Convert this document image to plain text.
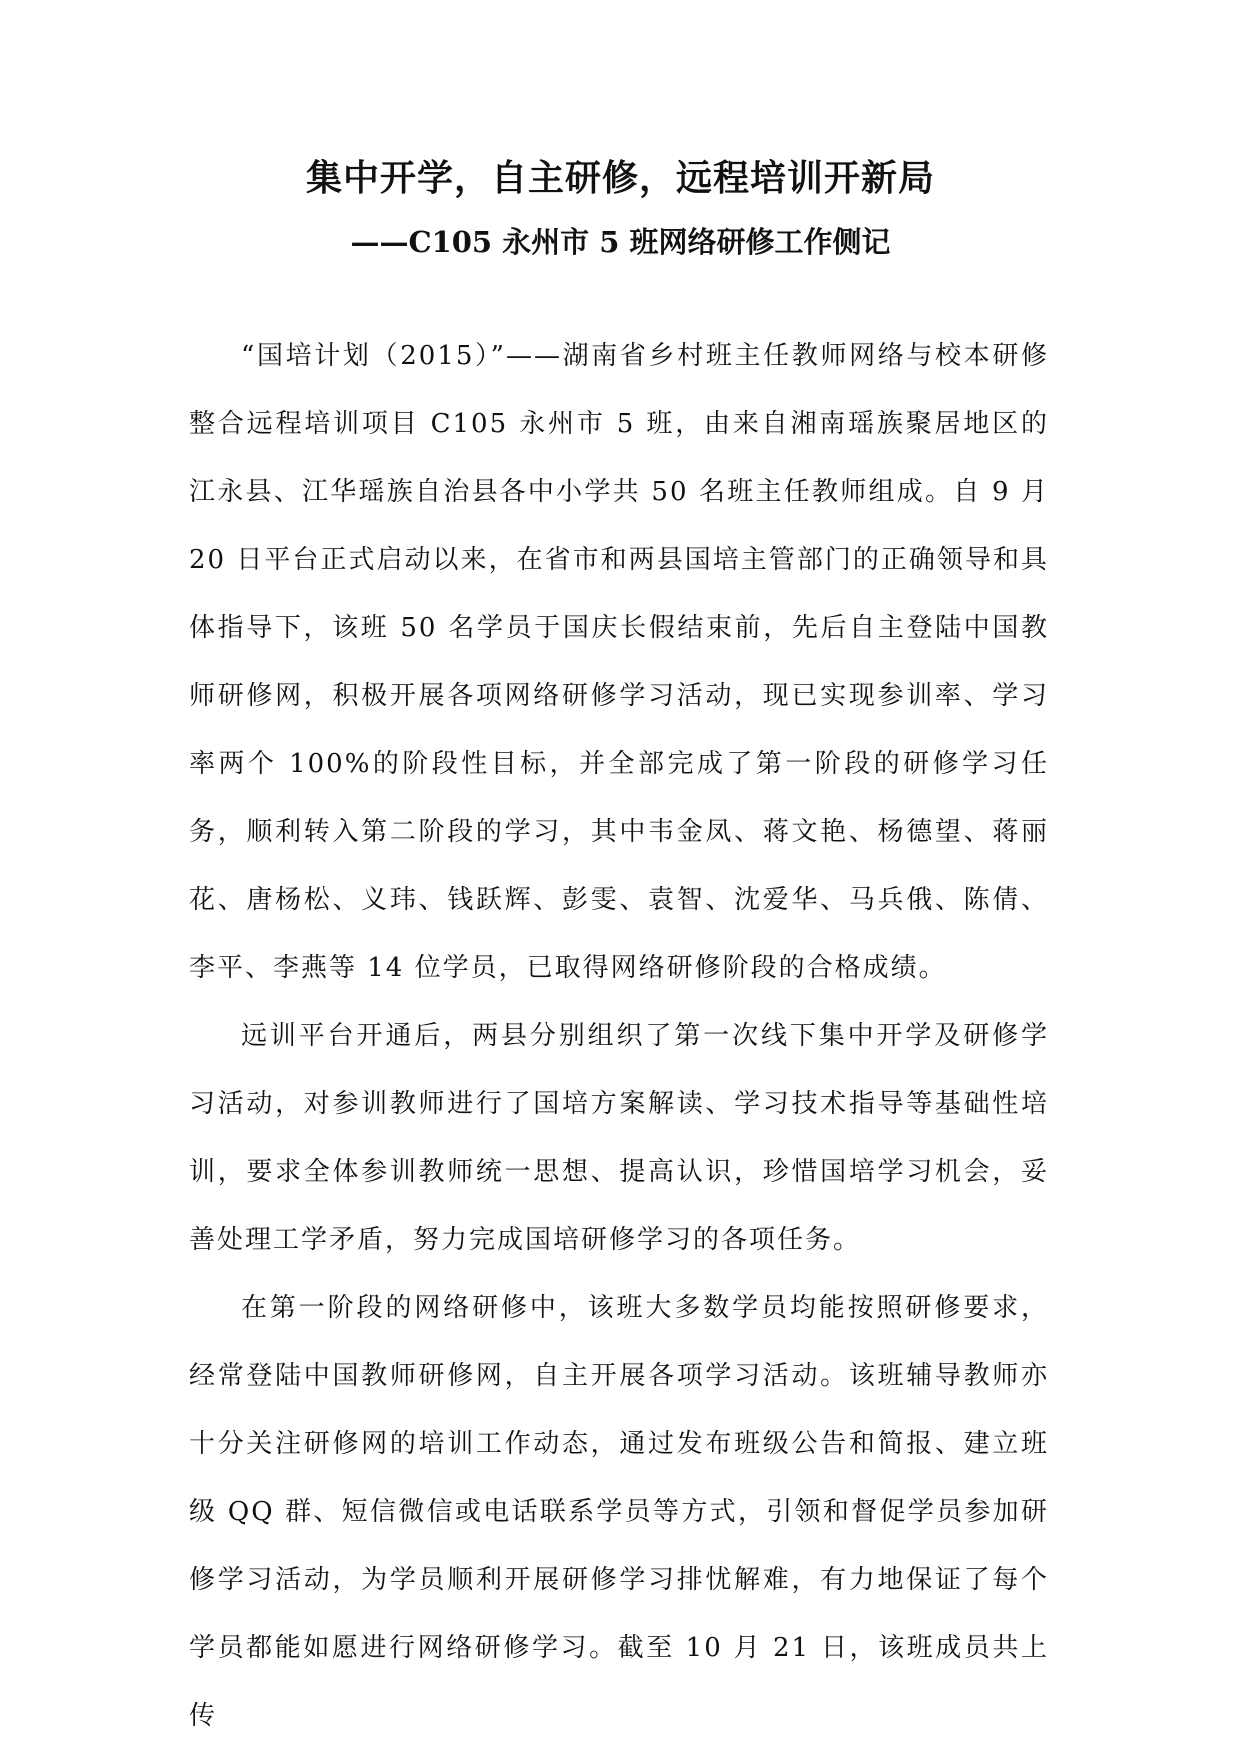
集中开学，自主研修，远程培训开新局
——C105 永州市 5 班网络研修工作侧记

“国培计划（2015）”——湖南省乡村班主任教师网络与校本研修整合远程培训项目 C105 永州市 5 班，由来自湘南瑶族聚居地区的江永县、江华瑶族自治县各中小学共 50 名班主任教师组成。自 9 月 20 日平台正式启动以来，在省市和两县国培主管部门的正确领导和具体指导下，该班 50 名学员于国庆长假结束前，先后自主登陆中国教师研修网，积极开展各项网络研修学习活动，现已实现参训率、学习率两个 100%的阶段性目标，并全部完成了第一阶段的研修学习任务，顺利转入第二阶段的学习，其中韦金凤、蒋文艳、杨德望、蒋丽花、唐杨松、义玮、钱跃辉、彭雯、袁智、沈爱华、马兵俄、陈倩、李平、李燕等 14 位学员，已取得网络研修阶段的合格成绩。

远训平台开通后，两县分别组织了第一次线下集中开学及研修学习活动，对参训教师进行了国培方案解读、学习技术指导等基础性培训，要求全体参训教师统一思想、提高认识，珍惜国培学习机会，妥善处理工学矛盾，努力完成国培研修学习的各项任务。

在第一阶段的网络研修中，该班大多数学员均能按照研修要求，经常登陆中国教师研修网，自主开展各项学习活动。该班辅导教师亦十分关注研修网的培训工作动态，通过发布班级公告和简报、建立班级 QQ 群、短信微信或电话联系学员等方式，引领和督促学员参加研修学习活动，为学员顺利开展研修学习排忧解难，有力地保证了每个学员都能如愿进行网络研修学习。截至 10 月 21 日，该班成员共上传
